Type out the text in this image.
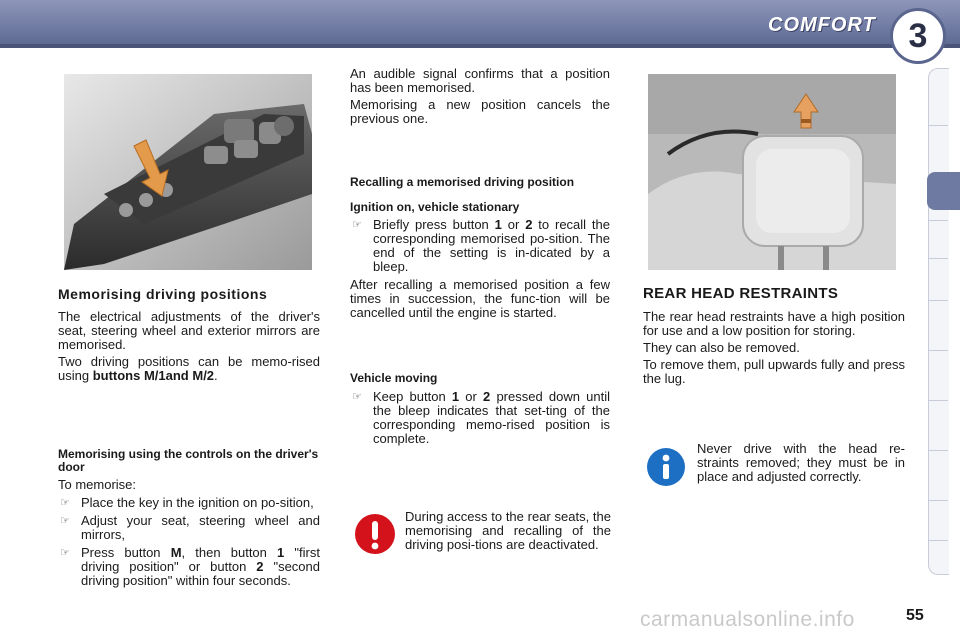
COMFORT 3
Memorising driving positions

The electrical adjustments of the driver's seat, steering wheel and exterior mirrors are memorised.

Two driving positions can be memo-rised using buttons M/1and M/2.

Memorising using the controls on the driver's door

To memorise:

☞ Place the key in the ignition on po-sition,

☞ Adjust your seat, steering wheel and mirrors,

☞ Press button M, then button 1 "first driving position" or button 2 "second driving position" within four seconds.

An audible signal confirms that a position has been memorised.

Memorising a new position cancels the previous one.

Recalling a memorised driving position
Ignition on, vehicle stationary

☞ Briefly press button 1 or 2 to recall the corresponding memorised po-sition. The end of the setting is in-dicated by a bleep.

After recalling a memorised position a few times in succession, the func-tion will be cancelled until the engine is started.

Vehicle moving

☞ Keep button 1 or 2 pressed down until the bleep indicates that set-ting of the corresponding memo-rised position is complete.

During access to the rear seats, the memorising and recalling of the driving posi-tions are deactivated.

REAR HEAD RESTRAINTS

The rear head restraints have a high position for use and a low position for storing.

They can also be removed.

To remove them, pull upwards fully and press the lug.

Never drive with the head re-straints removed; they must be in place and adjusted correctly.

carmanualsonline.info	55
